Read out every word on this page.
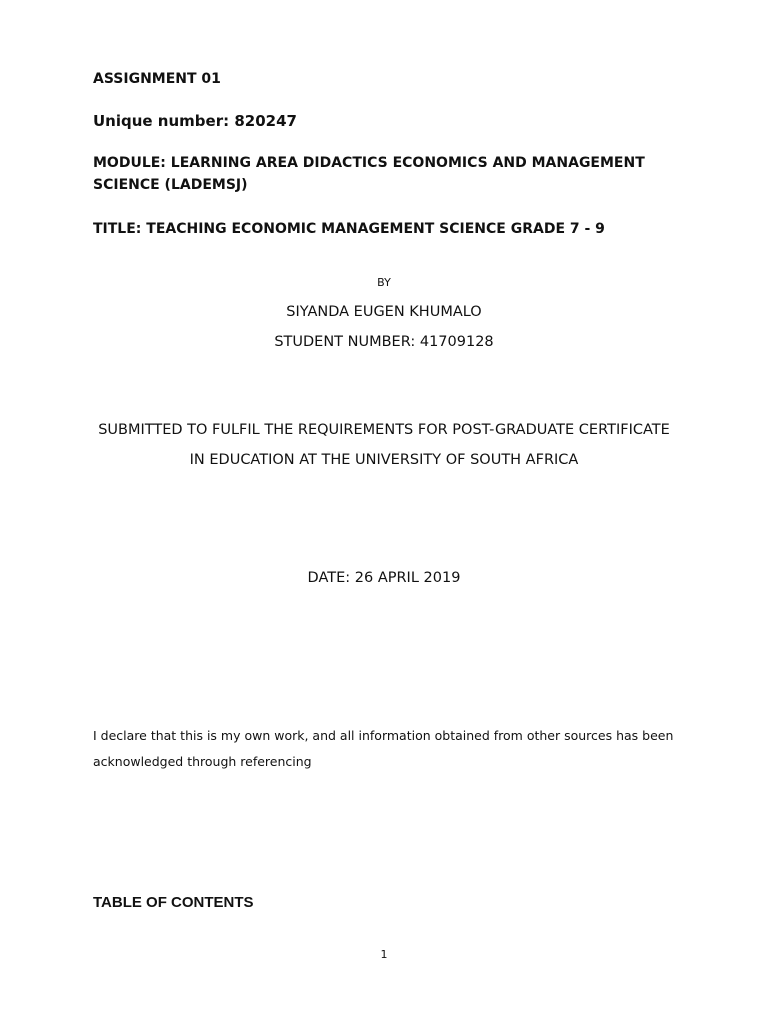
ASSIGNMENT 01

Unique number: 820247

MODULE: LEARNING AREA DIDACTICS ECONOMICS AND MANAGEMENT
SCIENCE (LADEMSJ)

TITLE: TEACHING ECONOMIC MANAGEMENT SCIENCE GRADE 7 - 9

BY

SIYANDA EUGEN KHUMALO

STUDENT NUMBER: 41709128

SUBMITTED TO FULFIL THE REQUIREMENTS FOR POST-GRADUATE CERTIFICATE
IN EDUCATION AT THE UNIVERSITY OF SOUTH AFRICA

DATE: 26 APRIL 2019

I declare that this is my own work, and all information obtained from other sources has been
acknowledged through referencing

TABLE OF CONTENTS

1
